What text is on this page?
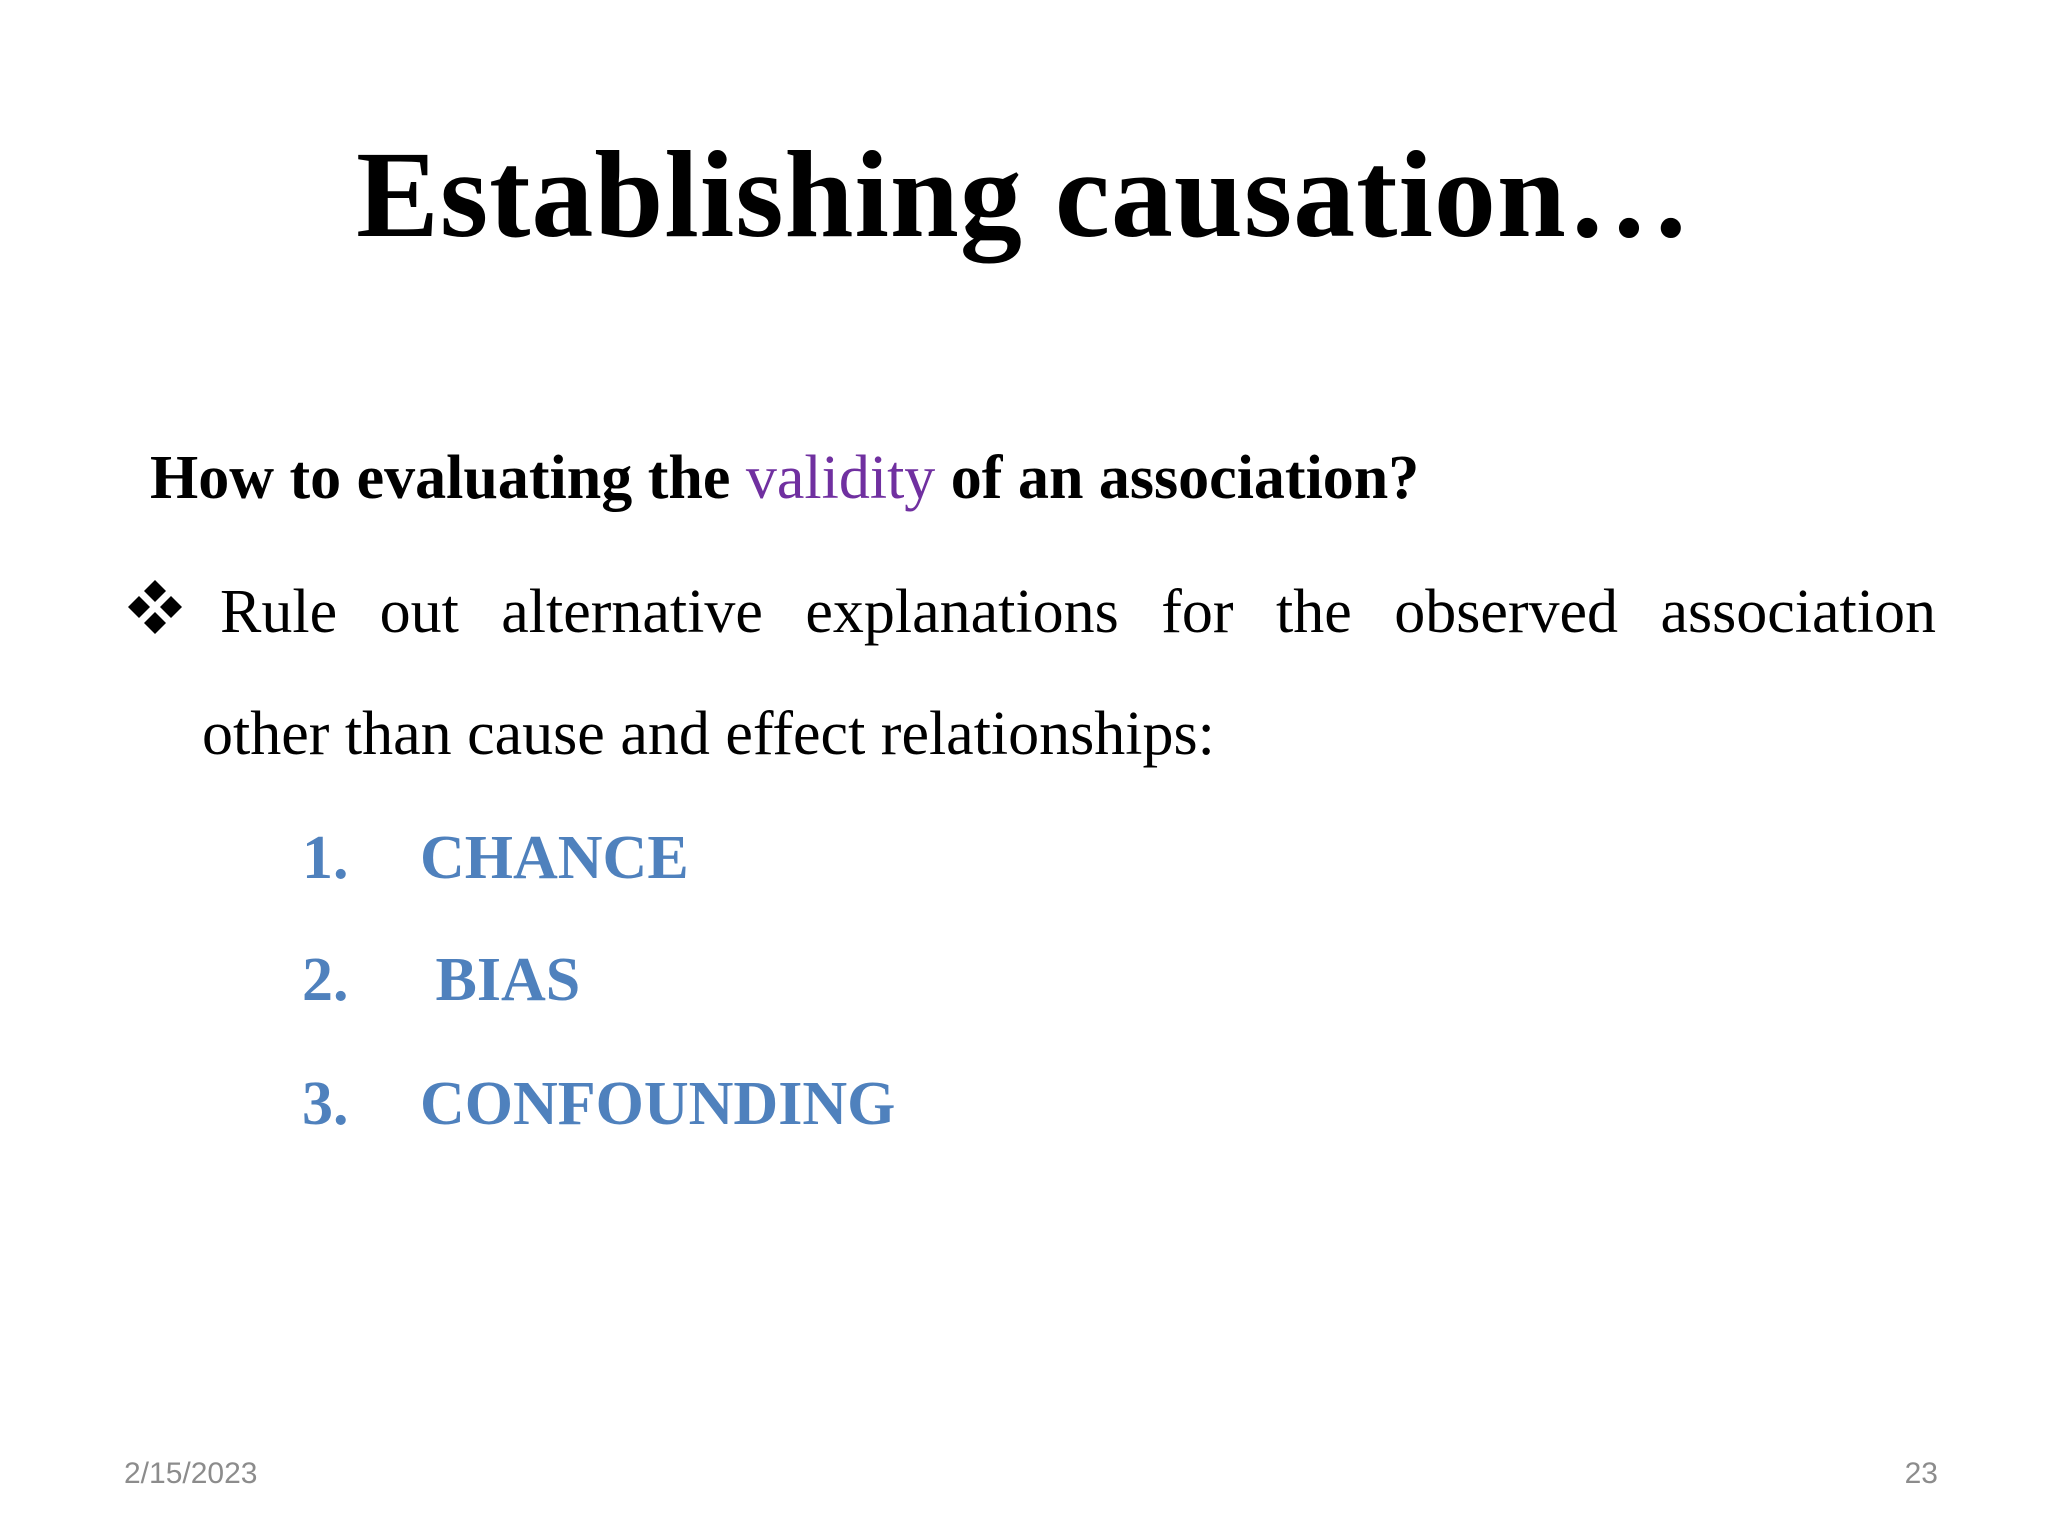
Establishing causation…
How to evaluating the validity of an association?
Rule out alternative explanations for the observed association
other than cause and effect relationships:
1. CHANCE
2. BIAS
3. CONFOUNDING
2/15/2023	23
